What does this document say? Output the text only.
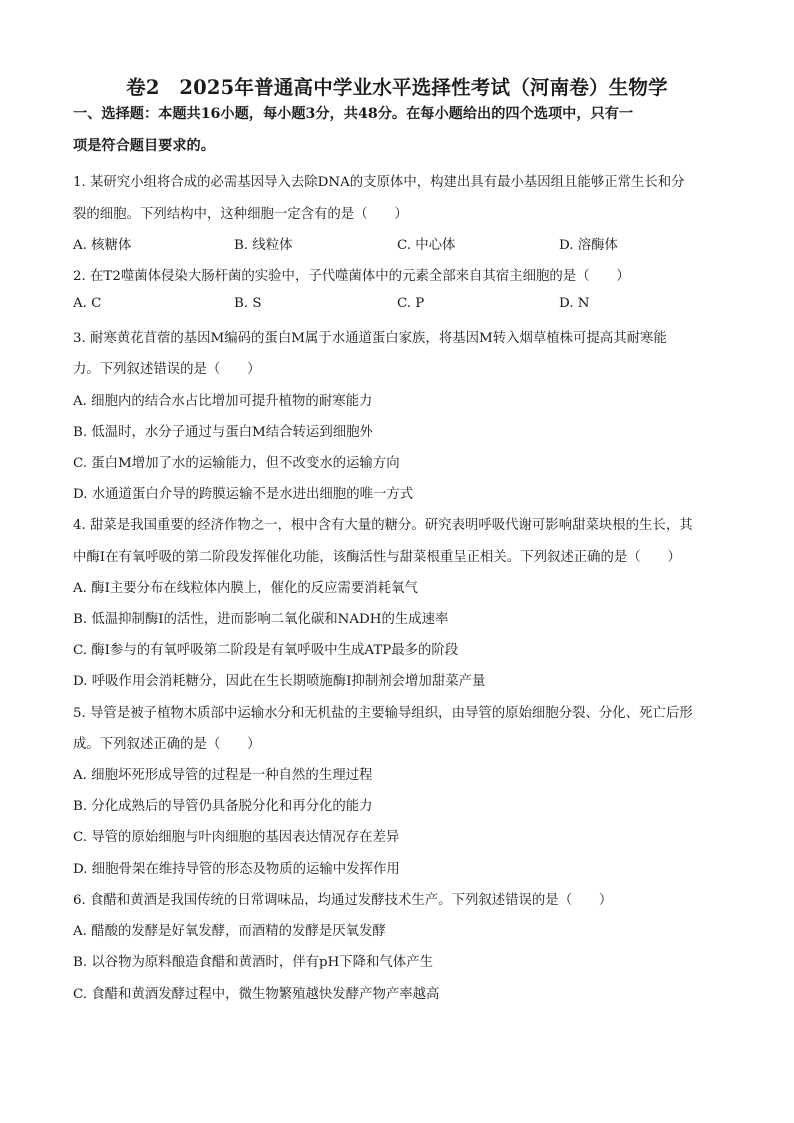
卷2　2025年普通高中学业水平选择性考试（河南卷）生物学
一、选择题：本题共16小题，每小题3分，共48分。在每小题给出的四个选项中，只有一
项是符合题目要求的。
1. 某研究小组将合成的必需基因导入去除DNA的支原体中，构建出具有最小基因组且能够正常生长和分
裂的细胞。下列结构中，这种细胞一定含有的是（　　）
A. 核糖体	B. 线粒体	C. 中心体	D. 溶酶体
2. 在T2噬菌体侵染大肠杆菌的实验中，子代噬菌体中的元素全部来自其宿主细胞的是（　　）
A. C	B. S	C. P	D. N
3. 耐寒黄花苜蓿的基因M编码的蛋白M属于水通道蛋白家族，将基因M转入烟草植株可提高其耐寒能
力。下列叙述错误的是（　　）
A. 细胞内的结合水占比增加可提升植物的耐寒能力
B. 低温时，水分子通过与蛋白M结合转运到细胞外
C. 蛋白M增加了水的运输能力，但不改变水的运输方向
D. 水通道蛋白介导的跨膜运输不是水进出细胞的唯一方式
4. 甜菜是我国重要的经济作物之一，根中含有大量的糖分。研究表明呼吸代谢可影响甜菜块根的生长，其
中酶Ⅰ在有氧呼吸的第二阶段发挥催化功能，该酶活性与甜菜根重呈正相关。下列叙述正确的是（　　）
A. 酶Ⅰ主要分布在线粒体内膜上，催化的反应需要消耗氧气
B. 低温抑制酶Ⅰ的活性，进而影响二氧化碳和NADH的生成速率
C. 酶Ⅰ参与的有氧呼吸第二阶段是有氧呼吸中生成ATP最多的阶段
D. 呼吸作用会消耗糖分，因此在生长期喷施酶Ⅰ抑制剂会增加甜菜产量
5. 导管是被子植物木质部中运输水分和无机盐的主要输导组织，由导管的原始细胞分裂、分化、死亡后形
成。下列叙述正确的是（　　）
A. 细胞坏死形成导管的过程是一种自然的生理过程
B. 分化成熟后的导管仍具备脱分化和再分化的能力
C. 导管的原始细胞与叶肉细胞的基因表达情况存在差异
D. 细胞骨架在维持导管的形态及物质的运输中发挥作用
6. 食醋和黄酒是我国传统的日常调味品，均通过发酵技术生产。下列叙述错误的是（　　）
A. 醋酸的发酵是好氧发酵，而酒精的发酵是厌氧发酵
B. 以谷物为原料酿造食醋和黄酒时，伴有pH下降和气体产生
C. 食醋和黄酒发酵过程中，微生物繁殖越快发酵产物产率越高
